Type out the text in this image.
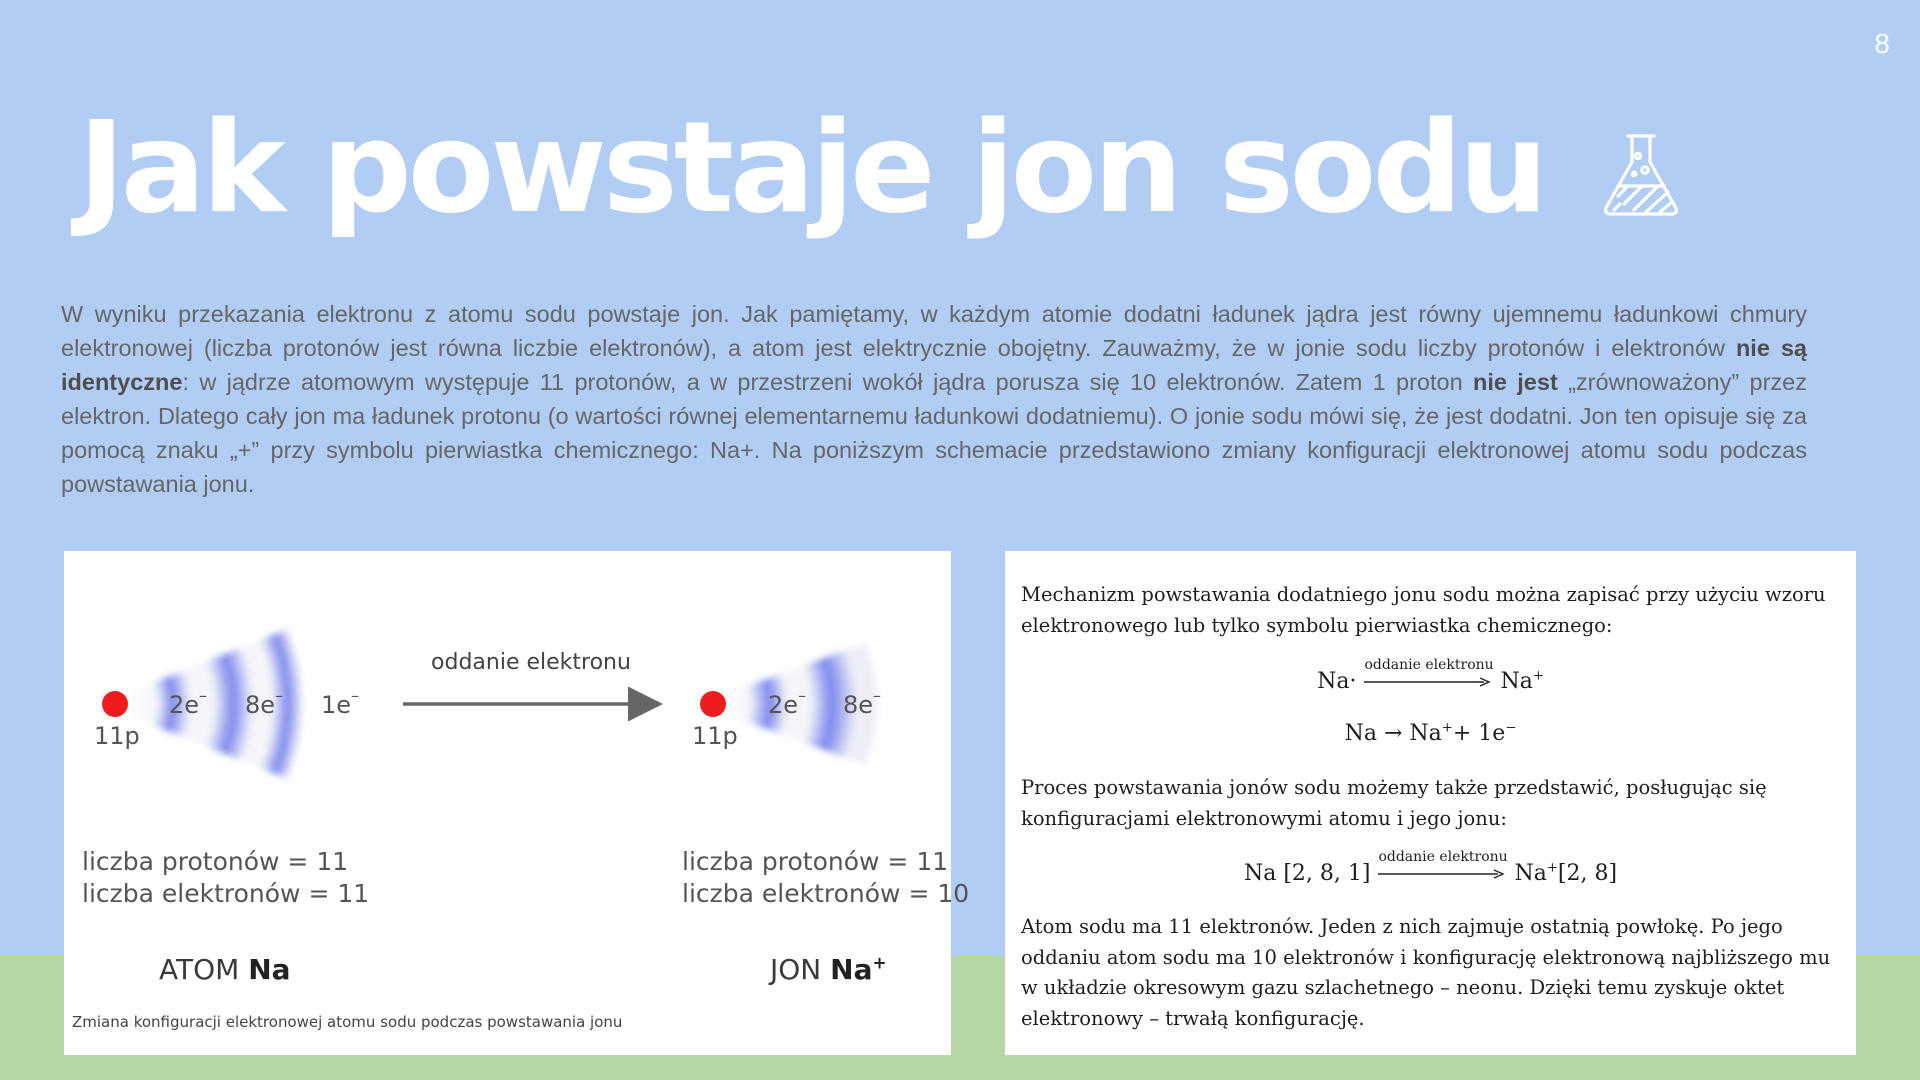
8
Jak powstaje jon sodu

W wyniku przekazania elektronu z atomu sodu powstaje jon. Jak pamiętamy, w każdym atomie dodatni ładunek jądra jest równy ujemnemu ładunkowi chmury elektronowej (liczba protonów jest równa liczbie elektronów), a atom jest elektrycznie obojętny. Zauważmy, że w jonie sodu liczby protonów i elektronów nie są identyczne: w jądrze atomowym występuje 11 protonów, a w przestrzeni wokół jądra porusza się 10 elektronów. Zatem 1 proton nie jest „zrównoważony” przez elektron. Dlatego cały jon ma ładunek protonu (o wartości równej elementarnemu ładunkowi dodatniemu). O jonie sodu mówi się, że jest dodatni. Jon ten opisuje się za pomocą znaku „+” przy symbolu pierwiastka chemicznego: Na+. Na poniższym schemacie przedstawiono zmiany konfiguracji elektronowej atomu sodu podczas powstawania jonu.

11p
2e– 8e– 1e–
oddanie elektronu
11p
2e– 8e–
liczba protonów = 11
liczba elektronów = 11
liczba protonów = 11
liczba elektronów = 10
ATOM Na	JON Na+
Zmiana konfiguracji elektronowej atomu sodu podczas powstawania jonu

Mechanizm powstawania dodatniego jonu sodu można zapisać przy użyciu wzoru elektronowego lub tylko symbolu pierwiastka chemicznego:

Na·
oddanie elektronu
Na+
Na → Na++ 1e−

Proces powstawania jonów sodu możemy także przedstawić, posługując się konfiguracjami elektronowymi atomu i jego jonu:

Na [2, 8, 1]
oddanie elektronu
Na+[2, 8]

Atom sodu ma 11 elektronów. Jeden z nich zajmuje ostatnią powłokę. Po jego oddaniu atom sodu ma 10 elektronów i konfigurację elektronową najbliższego mu w układzie okresowym gazu szlachetnego – neonu. Dzięki temu zyskuje oktet elektronowy – trwałą konfigurację.
